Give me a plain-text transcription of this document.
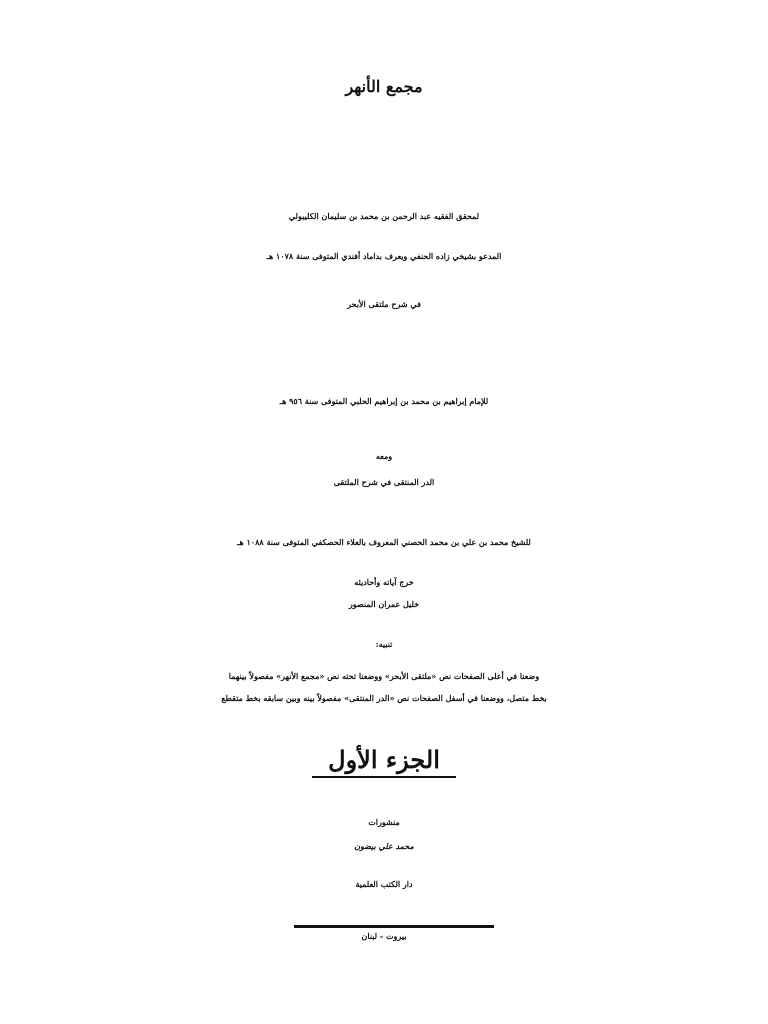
مجمع الأنهر
لمحقق الفقيه عبد الرحمن بن محمد بن سليمان الكليبولي
المدعو بشيخي زاده الحنفي ويعرف بداماد أفندي المتوفى سنة ١٠٧٨ هـ
في شرح ملتقى الأبحر
للإمام إبراهيم بن محمد بن إبراهيم الحلبي المتوفى سنة ٩٥٦ هـ
ومعه
الدر المنتقى في شرح الملتقى
للشيخ محمد بن علي بن محمد الحصني المعروف بالعلاء الحصكفي المتوفى سنة ١٠٨٨ هـ
خرج آياته وأحاديثه
خليل عمران المنصور
تنبيه:
وضعنا في أعلى الصفحات نص «ملتقى الأبحر» ووضعنا تحته نص «مجمع الأنهر» مفصولاً بينهما
بخط متصل، ووضعنا في أسفل الصفحات نص «الدر المنتقى» مفصولاً بينه وبين سابقه بخط متقطع
الجزء الأول
منشورات
محمد علي بيضون
دار الكتب العلمية
بيروت - لبنان
